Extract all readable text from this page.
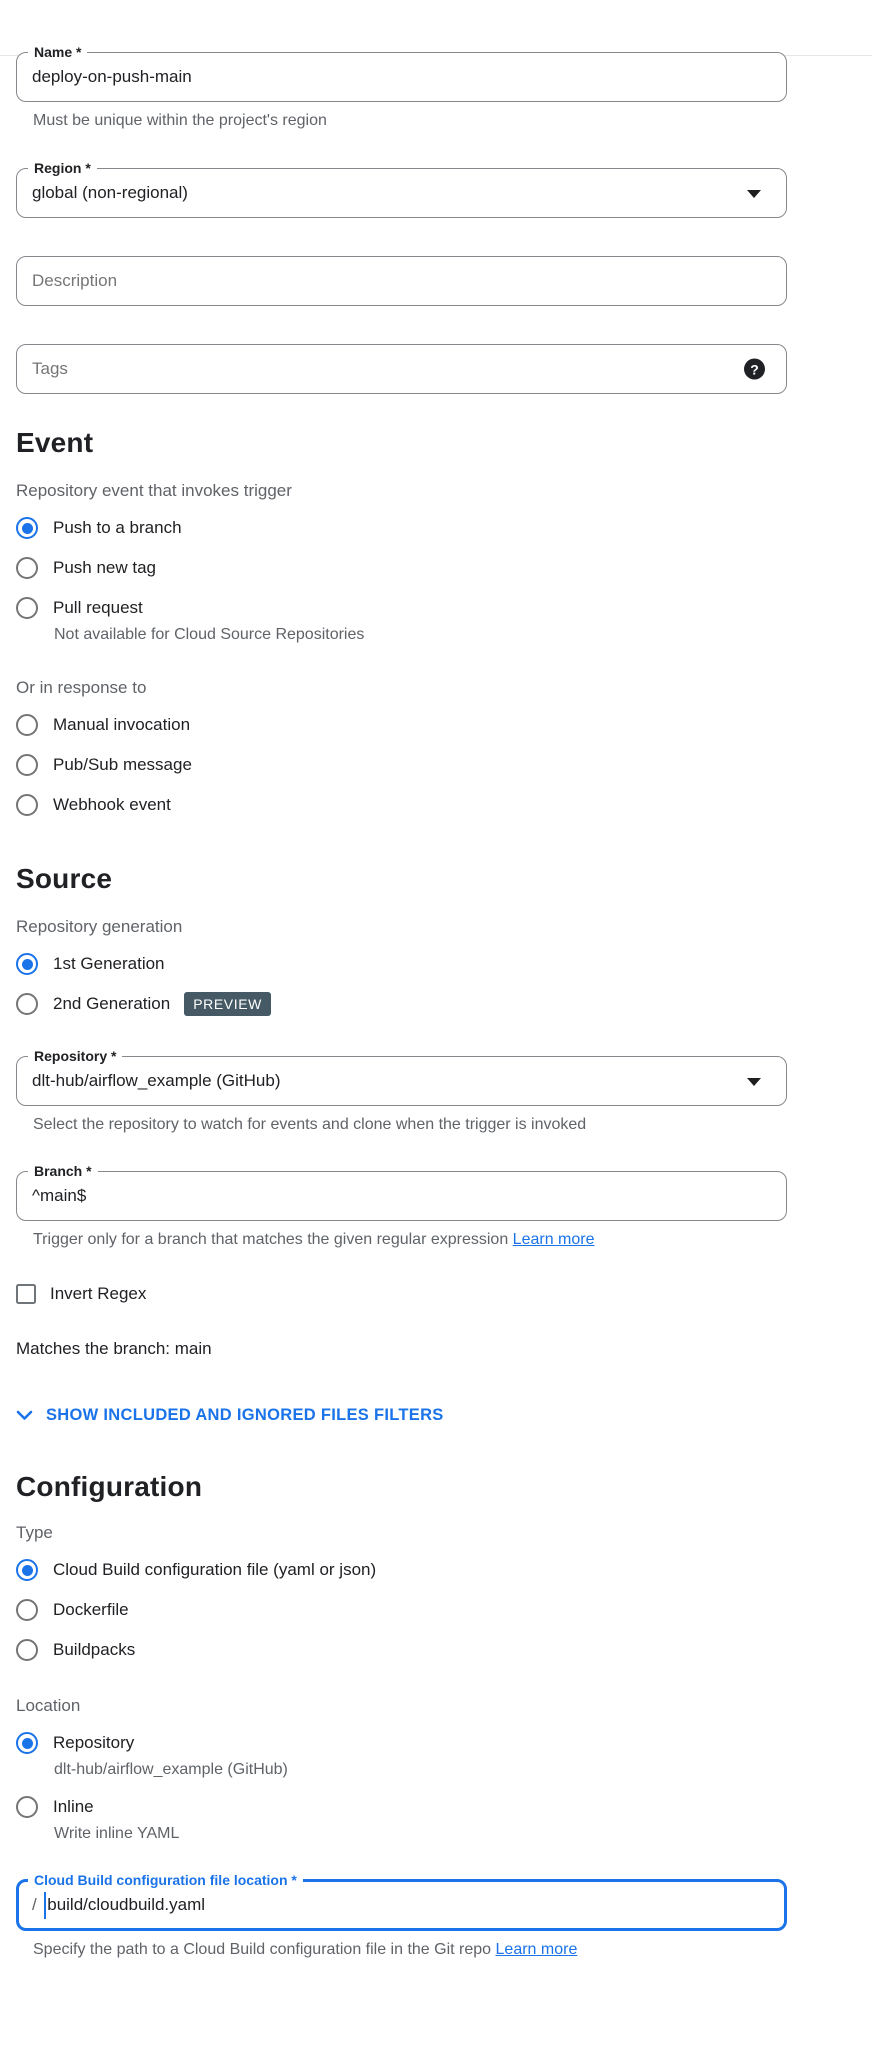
Name *
deploy-on-push-main
Must be unique within the project's region
Region *
global (non-regional)
Description
Tags
?
Event
Repository event that invokes trigger
Push to a branch
Push new tag
Pull request
Not available for Cloud Source Repositories
Or in response to
Manual invocation
Pub/Sub message
Webhook event
Source
Repository generation
1st Generation
2nd Generation	PREVIEW
Repository *
dlt-hub/airflow_example (GitHub)
Select the repository to watch for events and clone when the trigger is invoked
Branch *
^main$
Trigger only for a branch that matches the given regular expression Learn more
Invert Regex
Matches the branch: main
SHOW INCLUDED AND IGNORED FILES FILTERS
Configuration
Type
Cloud Build configuration file (yaml or json)
Dockerfile
Buildpacks
Location
Repository
dlt-hub/airflow_example (GitHub)
Inline
Write inline YAML
Cloud Build configuration file location *
/ build/cloudbuild.yaml
Specify the path to a Cloud Build configuration file in the Git repo Learn more
